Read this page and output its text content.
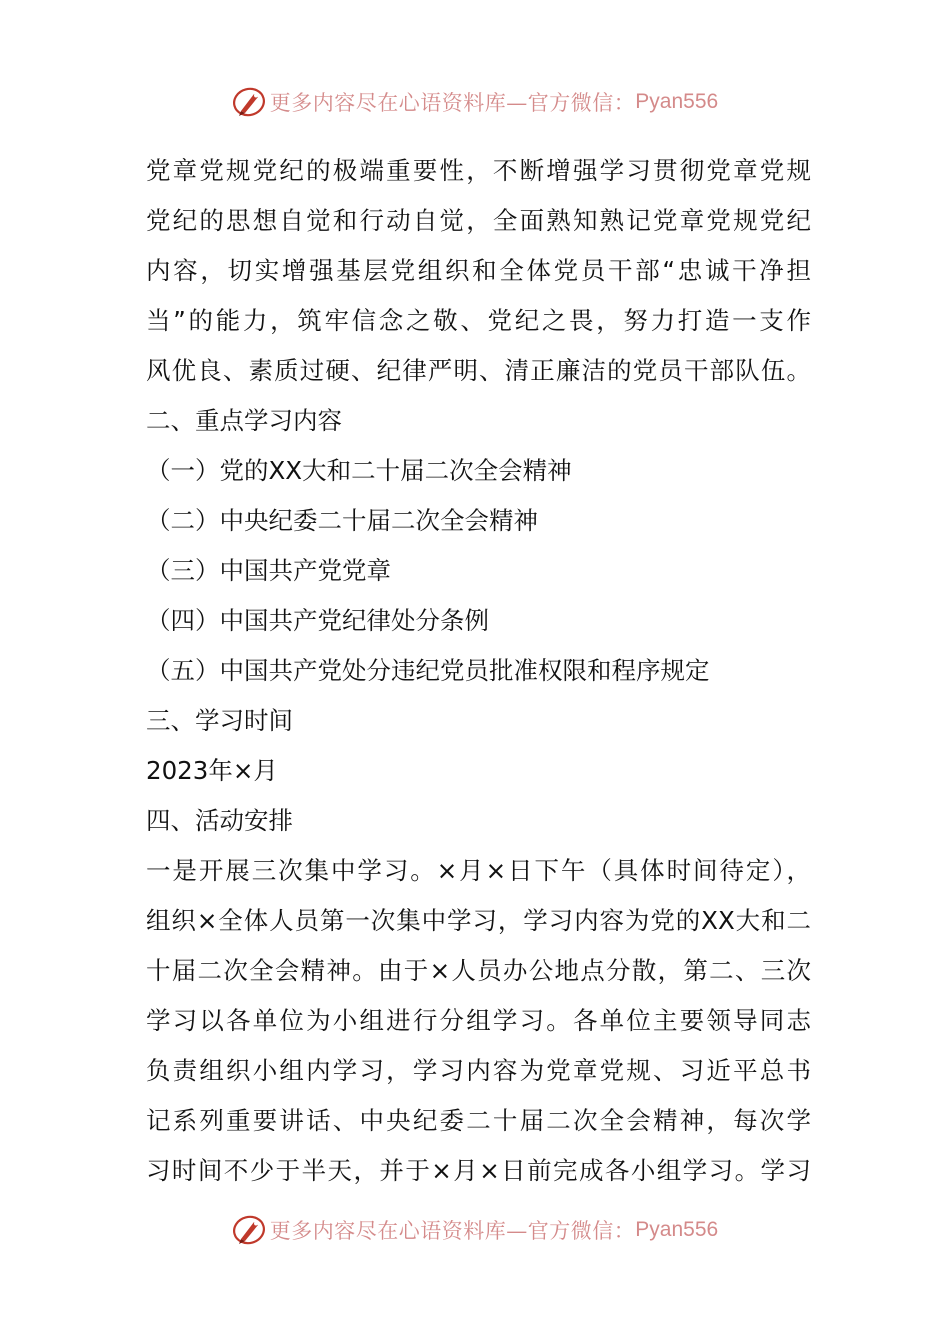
更多内容尽在心语资料库—官方微信： Pyan556
党章党规党纪的极端重要性，不断增强学习贯彻党章党规
党纪的思想自觉和行动自觉，全面熟知熟记党章党规党纪
内容，切实增强基层党组织和全体党员干部“忠诚干净担
当”的能力，筑牢信念之敬、党纪之畏，努力打造一支作
风优良、素质过硬、纪律严明、清正廉洁的党员干部队伍。
二、重点学习内容
（一）党的XX大和二十届二次全会精神
（二）中央纪委二十届二次全会精神
（三）中国共产党党章
（四）中国共产党纪律处分条例
（五）中国共产党处分违纪党员批准权限和程序规定
三、学习时间
2023年×月
四、活动安排
一是开展三次集中学习。×月×日下午（具体时间待定），
组织×全体人员第一次集中学习，学习内容为党的XX大和二
十届二次全会精神。由于×人员办公地点分散，第二、三次
学习以各单位为小组进行分组学习。各单位主要领导同志
负责组织小组内学习，学习内容为党章党规、习近平总书
记系列重要讲话、中央纪委二十届二次全会精神，每次学
习时间不少于半天，并于×月×日前完成各小组学习。学习
更多内容尽在心语资料库—官方微信： Pyan556
